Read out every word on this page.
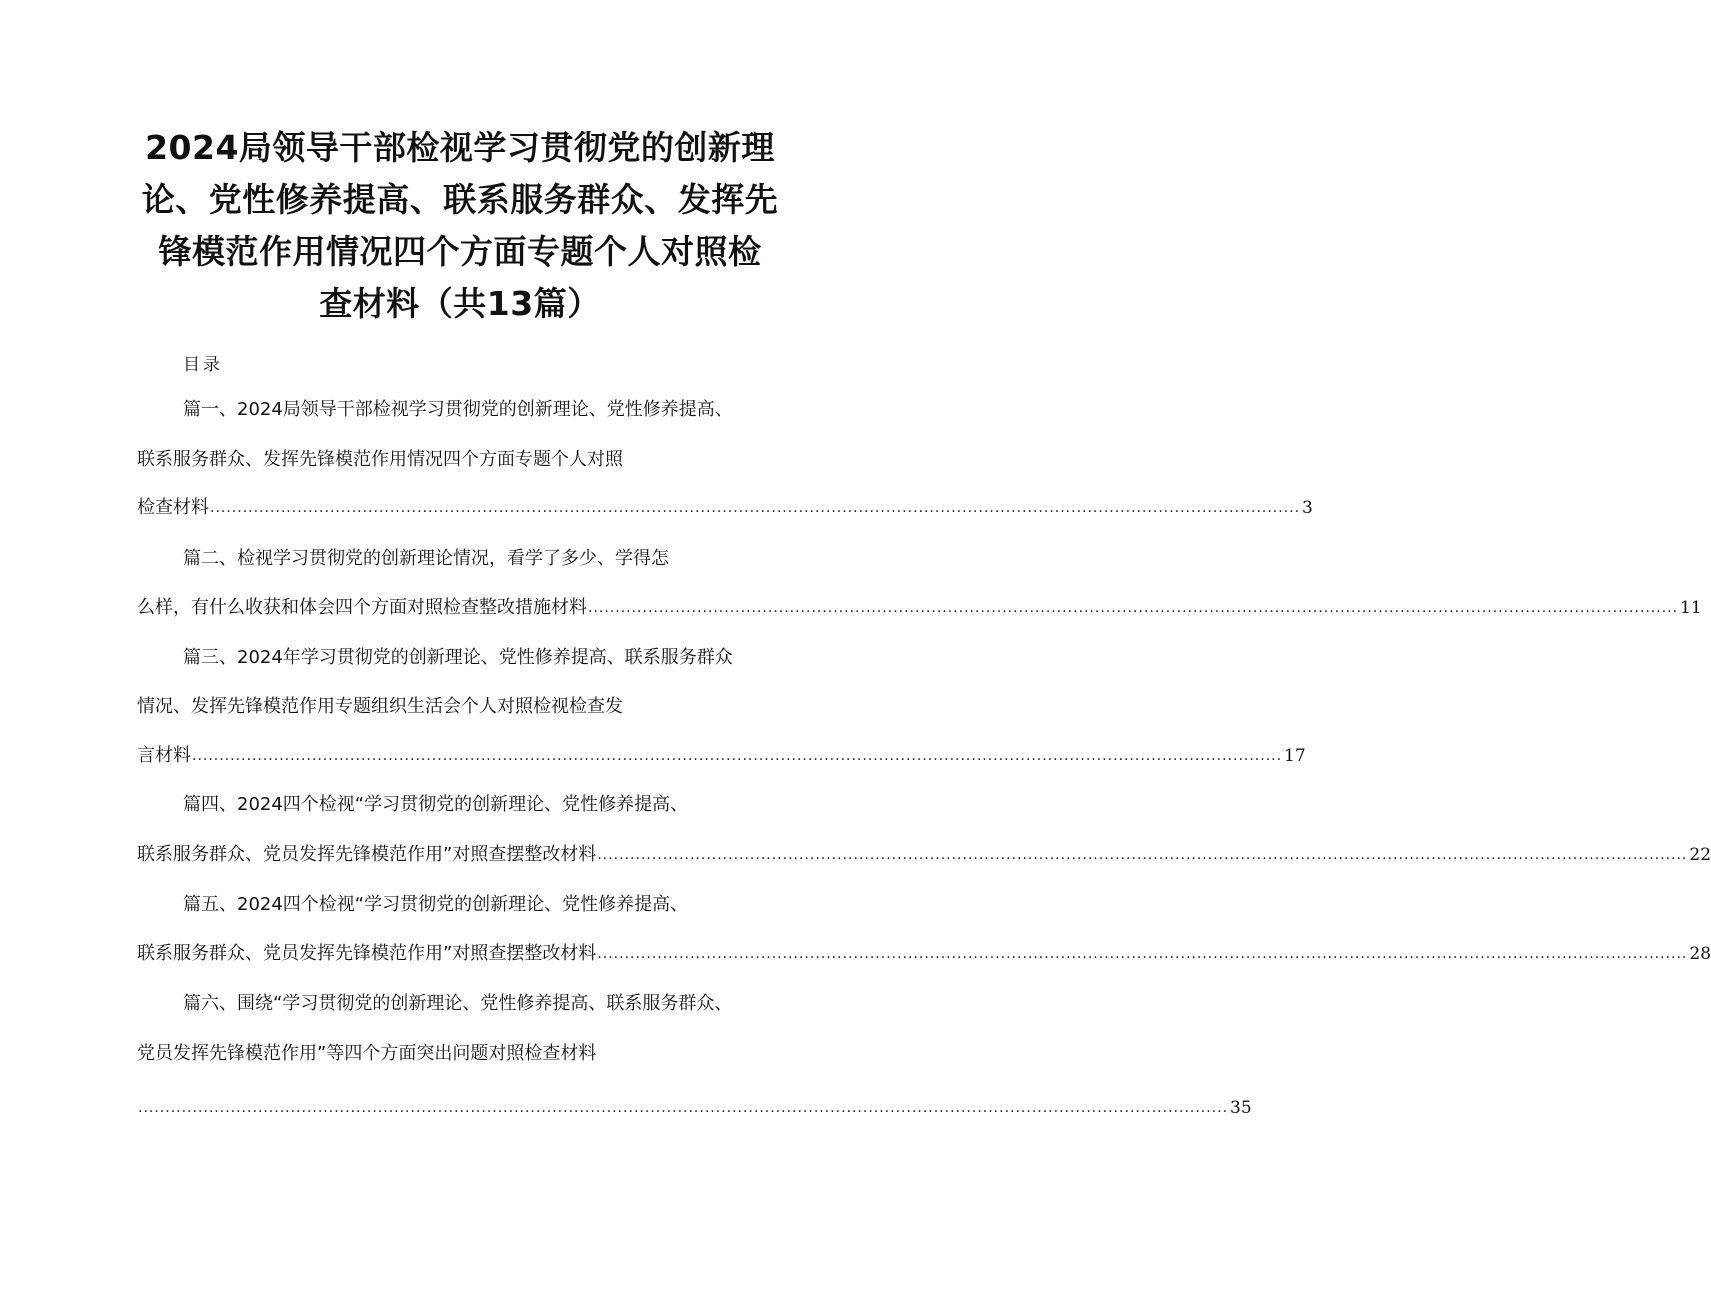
2024局领导干部检视学习贯彻党的创新理
论、党性修养提高、联系服务群众、发挥先
锋模范作用情况四个方面专题个人对照检
查材料（共13篇）
目录
篇一、2024局领导干部检视学习贯彻党的创新理论、党性修养提高、
联系服务群众、发挥先锋模范作用情况四个方面专题个人对照
检查材料 ........................................................................................................................................................................................................ 3
篇二、检视学习贯彻党的创新理论情况，看学了多少、学得怎
么样，有什么收获和体会四个方面对照检查整改措施材料 ........................................................................................................................................................................................................ 11
篇三、2024年学习贯彻党的创新理论、党性修养提高、联系服务群众
情况、发挥先锋模范作用专题组织生活会个人对照检视检查发
言材料 ........................................................................................................................................................................................................ 17
篇四、2024四个检视“学习贯彻党的创新理论、党性修养提高、
联系服务群众、党员发挥先锋模范作用”对照查摆整改材料 ........................................................................................................................................................................................................ 22
篇五、2024四个检视“学习贯彻党的创新理论、党性修养提高、
联系服务群众、党员发挥先锋模范作用”对照查摆整改材料 ........................................................................................................................................................................................................ 28
篇六、围绕“学习贯彻党的创新理论、党性修养提高、联系服务群众、
党员发挥先锋模范作用”等四个方面突出问题对照检查材料
........................................................................................................................................................................................................ 35
